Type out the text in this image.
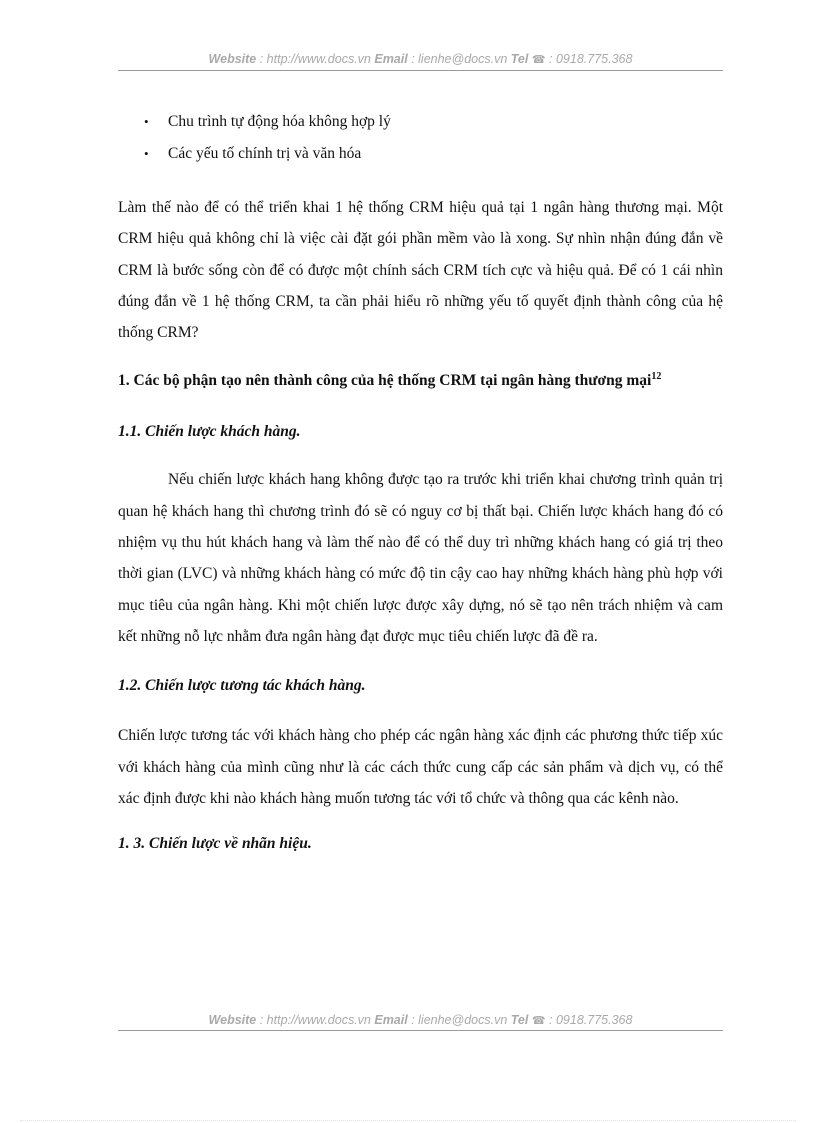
Website : http://www.docs.vn Email : lienhe@docs.vn Tel ☎ : 0918.775.368
• Chu trình tự động hóa không hợp lý
• Các yếu tố chính trị và văn hóa

Làm thế nào để có thể triển khai 1 hệ thống CRM hiệu quả tại 1 ngân hàng thương mại. Một CRM hiệu quả không chỉ là việc cài đặt gói phần mềm vào là xong. Sự nhìn nhận đúng đắn về CRM là bước sống còn để có được một chính sách CRM tích cực và hiệu quả. Để có 1 cái nhìn đúng đắn về 1 hệ thống CRM, ta cần phải hiểu rõ những yếu tố quyết định thành công của hệ thống CRM?

1. Các bộ phận tạo nên thành công của hệ thống CRM tại ngân hàng thương mại$^{12}$
1.1. Chiến lược khách hàng.

Nếu chiến lược khách hang không được tạo ra trước khi triển khai chương trình quản trị quan hệ khách hang thì chương trình đó sẽ có nguy cơ bị thất bại. Chiến lược khách hang đó có nhiệm vụ thu hút khách hang và làm thế nào để có thể duy trì những khách hang có giá trị theo thời gian (LVC) và những khách hàng có mức độ tin cậy cao hay những khách hàng phù hợp với mục tiêu của ngân hàng. Khi một chiến lược được xây dựng, nó sẽ tạo nên trách nhiệm và cam kết những nỗ lực nhằm đưa ngân hàng đạt được mục tiêu chiến lược đã đề ra.

1.2. Chiến lược tương tác khách hàng.

Chiến lược tương tác với khách hàng cho phép các ngân hàng xác định các phương thức tiếp xúc với khách hàng của mình cũng như là các cách thức cung cấp các sản phẩm và dịch vụ, có thể xác định được khi nào khách hàng muốn tương tác với tổ chức và thông qua các kênh nào.

1. 3. Chiến lược về nhãn hiệu.
Website : http://www.docs.vn Email : lienhe@docs.vn Tel ☎ : 0918.775.368
